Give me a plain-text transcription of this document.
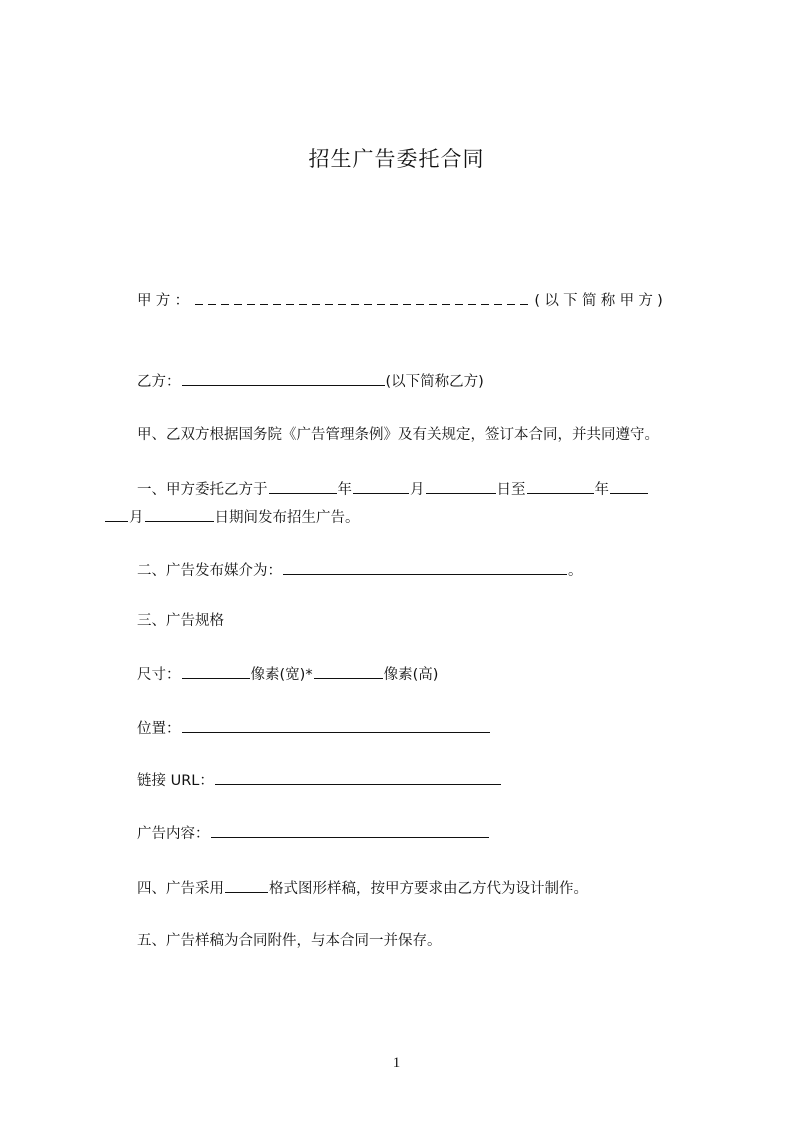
招生广告委托合同

甲方：	(以下简称甲方)

乙方：	(以下简称乙方)

甲、乙双方根据国务院《广告管理条例》及有关规定，签订本合同，并共同遵守。

一、甲方委托乙方于	年	月	日至	年

月	日期间发布招生广告。

二、广告发布媒介为：	。

三、广告规格

尺寸：	像素(宽)*	像素(高)

位置：

链接 URL：

广告内容：

四、广告采用	格式图形样稿，按甲方要求由乙方代为设计制作。

五、广告样稿为合同附件，与本合同一并保存。

1
